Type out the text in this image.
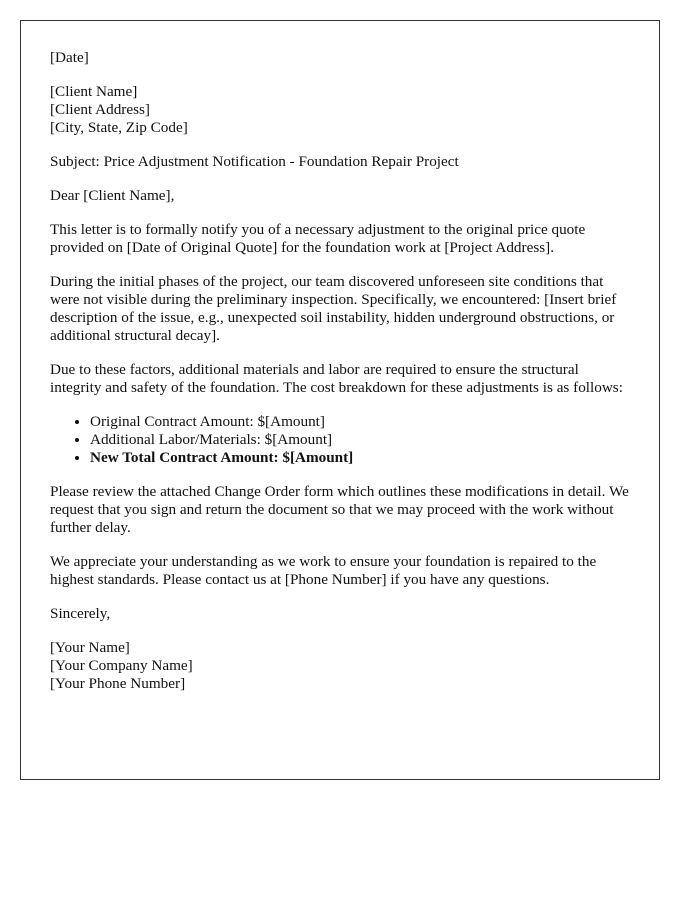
[Date]
[Client Name]
[Client Address]
[City, State, Zip Code]

Subject: Price Adjustment Notification - Foundation Repair Project

Dear [Client Name],

This letter is to formally notify you of a necessary adjustment to the original price quote provided on [Date of Original Quote] for the foundation work at [Project Address].

During the initial phases of the project, our team discovered unforeseen site conditions that were not visible during the preliminary inspection. Specifically, we encountered: [Insert brief description of the issue, e.g., unexpected soil instability, hidden underground obstructions, or additional structural decay].

Due to these factors, additional materials and labor are required to ensure the structural integrity and safety of the foundation. The cost breakdown for these adjustments is as follows:

• Original Contract Amount: $[Amount]
• Additional Labor/Materials: $[Amount]
• New Total Contract Amount: $[Amount]

Please review the attached Change Order form which outlines these modifications in detail. We request that you sign and return the document so that we may proceed with the work without further delay.

We appreciate your understanding as we work to ensure your foundation is repaired to the highest standards. Please contact us at [Phone Number] if you have any questions.

Sincerely,

[Your Name]
[Your Company Name]
[Your Phone Number]
